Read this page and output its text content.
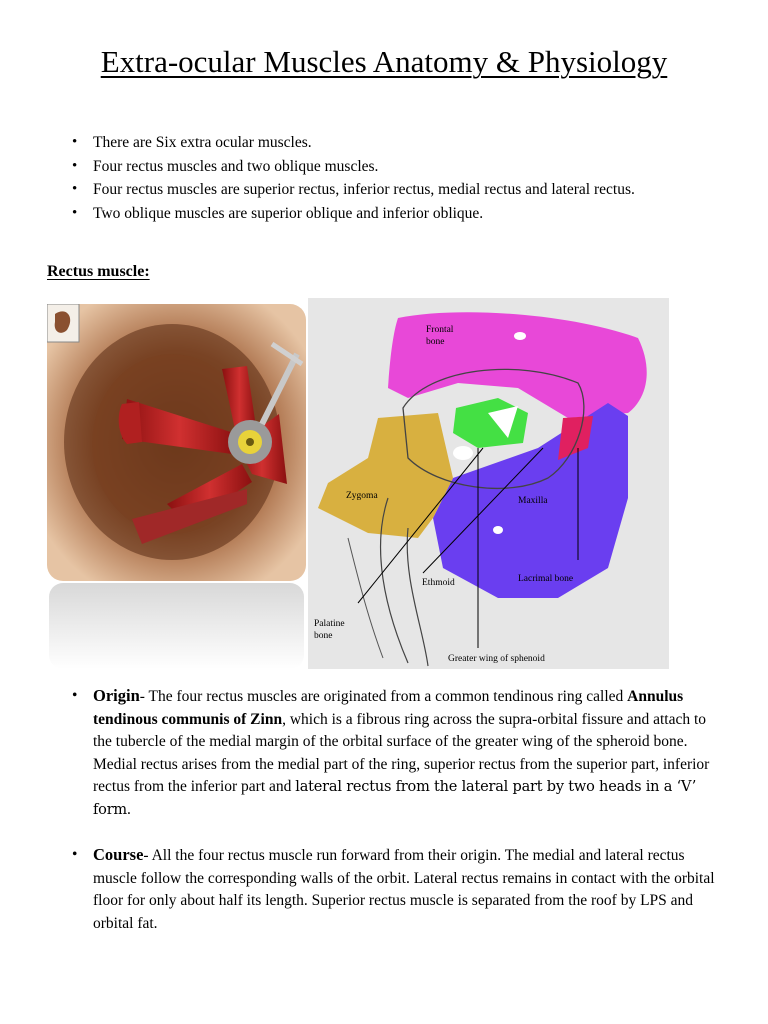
Extra-ocular Muscles Anatomy & Physiology
• There are Six extra ocular muscles.
• Four rectus muscles and two oblique muscles.
• Four rectus muscles are superior rectus, inferior rectus, medial rectus and lateral rectus.
• Two oblique muscles are superior oblique and inferior oblique.
Rectus muscle:
Frontal
bone
Zygoma	Maxilla
Ethmoid	Lacrimal bone
Palatine
bone
Greater wing of sphenoid
• Origin- The four rectus muscles are originated from a common tendinous ring called Annulus tendinous communis of Zinn, which is a fibrous ring across the supra-orbital fissure and attach to the tubercle of the medial margin of the orbital surface of the greater wing of the spheroid bone. Medial rectus arises from the medial part of the ring, superior rectus from the superior part, inferior rectus from the inferior part and lateral rectus from the lateral part by two heads in a ‘V’ form.
• Course- All the four rectus muscle run forward from their origin. The medial and lateral rectus muscle follow the corresponding walls of the orbit. Lateral rectus remains in contact with the orbital floor for only about half its length. Superior rectus muscle is separated from the roof by LPS and orbital fat.
